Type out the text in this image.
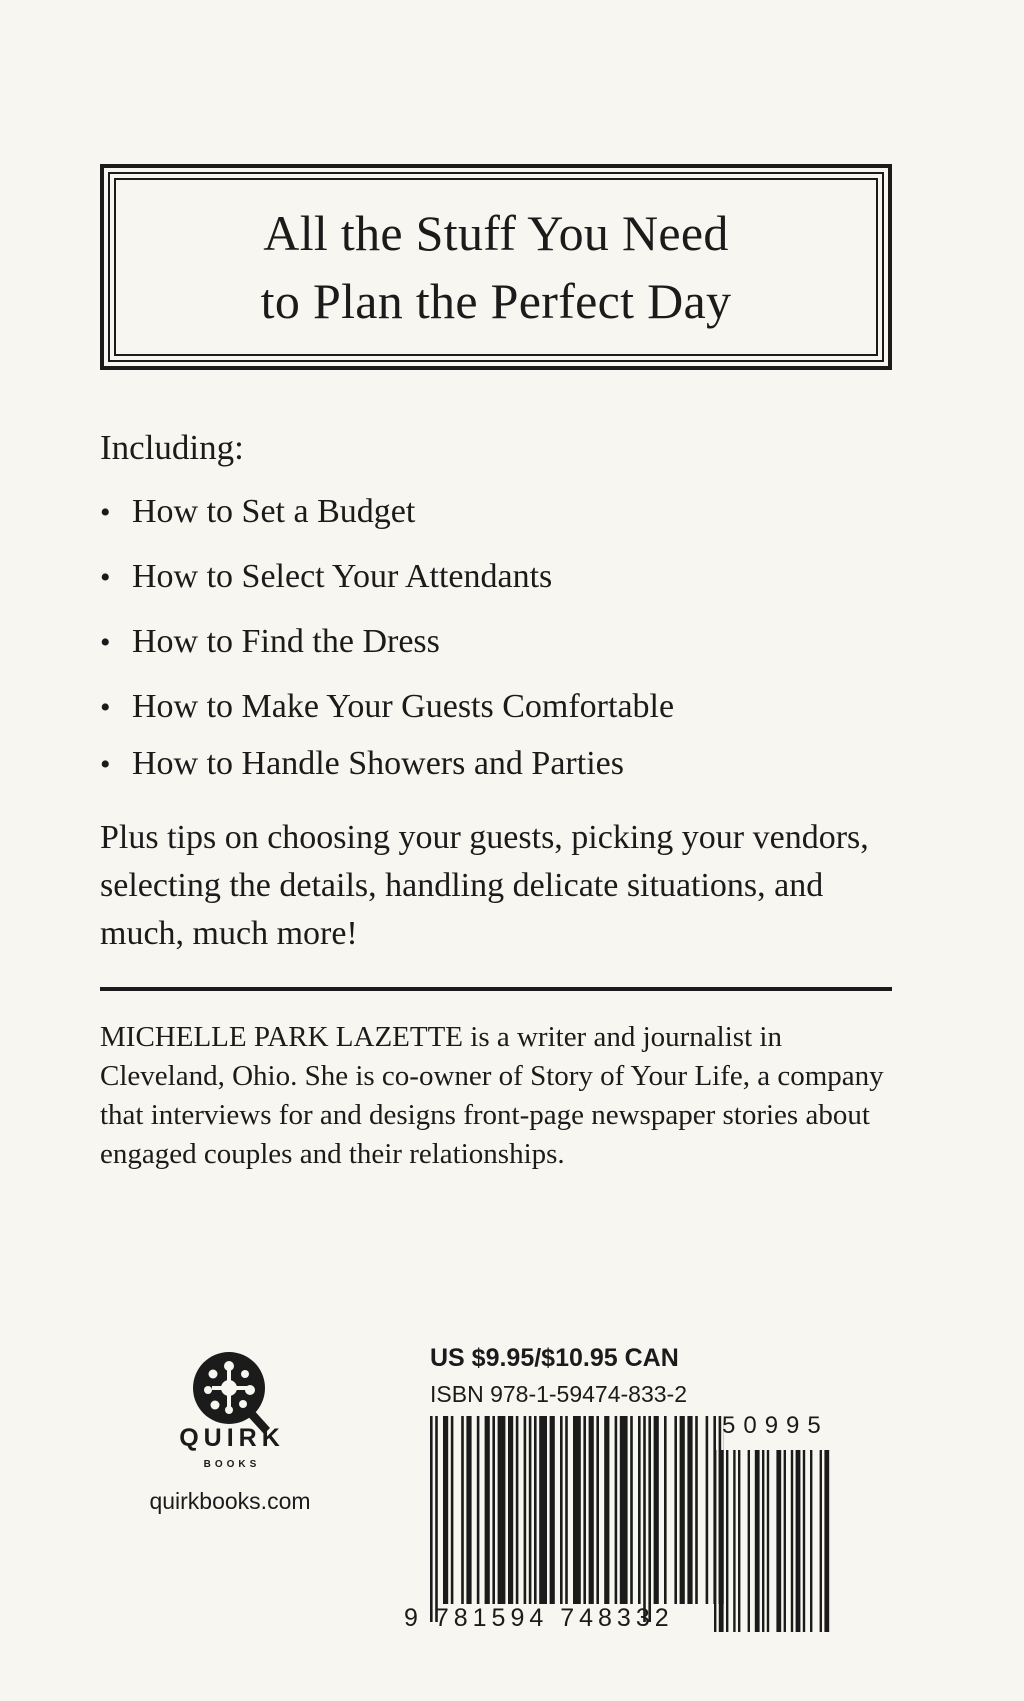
All the Stuff You Need
to Plan the Perfect Day
Including:
• How to Set a Budget
• How to Select Your Attendants
• How to Find the Dress
• How to Make Your Guests Comfortable
• How to Handle Showers and Parties
Plus tips on choosing your guests, picking your vendors, selecting the details, handling delicate situations, and much, much more!
MICHELLE PARK LAZETTE is a writer and journalist in Cleveland, Ohio. She is co-owner of Story of Your Life, a company that interviews for and designs front-page newspaper stories about engaged couples and their relationships.
QUIRK
BOOKS
quirkbooks.com
US $9.95/$10.95 CAN
ISBN 978-1-59474-833-2
50995
9 781594 748332
